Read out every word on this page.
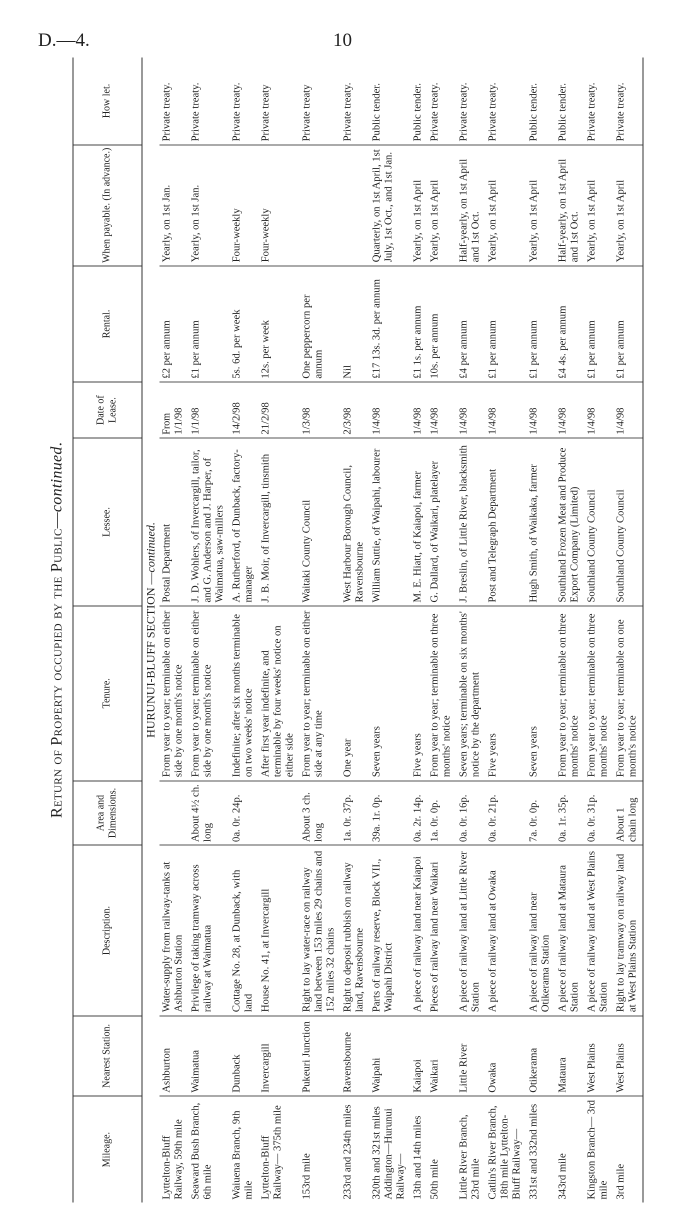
D.—4.	10
Return of Property occupied by the Public—continued.
Mileage.	Nearest Station.	Description.	Area and Dimensions.	Tenure.	Lessee.	Date of Lease.	Rental.	When payable. (In advance.)	How let.
HURUNUI-BLUFF SECTION —continued.									
Lyttelton-Bluff Railway, 59th mile	Ashburton	Water-supply from railway-tanks at Ashburton Station		From year to year; terminable on either side by one month's notice	Postal Department	From 1/1/98	£2 per annum	Yearly, on 1st Jan.	Private treaty.
Seaward Bush Branch, 6th mile	Waimatua	Privilege of taking tramway across railway at Waimatua	About 4½ ch. long	From year to year; terminable on either side by one month's notice	J. D. Wohlers, of Invercargill, tailor, and G. Anderson and J. Harper, of Waimatua, saw-millers	1/1/98	£1 per annum	Yearly, on 1st Jan.	Private treaty.
Waiuena Branch, 9th mile	Dunback	Cottage No. 28, at Dunback, with land	0a. 0r. 24p.	Indefinite; after six months terminable on two weeks' notice	A. Rutherford, of Dunback, factory-manager	14/2/98	5s. 6d. per week	Four-weekly	Private treaty.
Lyttelton-Bluff Railway— 375th mile	Invercargill	House No. 41, at Invercargill		After first year indefinite, and terminable by four weeks' notice on either side	J. B. Moir, of Invercargill, tinsmith	21/2/98	12s. per week	Four-weekly	Private treaty
153rd mile	Pukeuri Junction	Right to lay water-race on railway land between 153 miles 29 chains and 152 miles 32 chains	About 3 ch. long	From year to year; terminable on either side at any time	Waitaki County Council	1/3/98	One peppercorn per annum		Private treaty
233rd and 234th miles	Ravensbourne	Right to deposit rubbish on railway land, Ravensbourne	1a. 0r. 37p.	One year	West Harbour Borough Council, Ravensbourne	2/3/98	Nil		Private treaty.
320th and 321st miles Addington—Hurunui Railway—	Waipahi	Parts of railway reserve, Block VII., Waipahi District	39a. 1r. 0p.	Seven years	William Suttie, of Waipahi, labourer	1/4/98	£17 13s. 3d. per annum	Quarterly, on 1st April, 1st July, 1st Oct., and 1st Jan.	Public tender.
13th and 14th miles	Kaiapoi	A piece of railway land near Kaiapoi	0a. 2r. 14p.	Five years	M. E. Hiatt, of Kaiapoi, farmer	1/4/98	£1 1s. per annum	Yearly, on 1st April	Public tender.
50th mile	Waikari	Pieces of railway land near Waikari	1a. 0r. 0p.	From year to year; terminable on three months' notice	G. Dallard, of Waikari, platelayer	1/4/98	10s. per annum	Yearly, on 1st April	Private treaty.
Little River Branch, 23rd mile	Little River	A piece of railway land at Little River Station	0a. 0r. 16p.	Seven years; terminable on six months' notice by the department	J. Breslin, of Little River, blacksmith	1/4/98	£4 per annum	Half-yearly, on 1st April and 1st Oct.	Private treaty.
Catlin's River Branch, 18th mile Lyttelton-Bluff Railway—	Owaka	A piece of railway land at Owaka	0a. 0r. 21p.	Five years	Post and Telegraph Department	1/4/98	£1 per annum	Yearly, on 1st April	Private treaty.
331st and 332nd miles	Otikerama	A piece of railway land near Otikerama Station	7a. 0r. 0p.	Seven years	Hugh Smith, of Waikaka, farmer	1/4/98	£1 per annum	Yearly, on 1st April	Public tender.
343rd mile	Mataura	A piece of railway land at Mataura Station	0a. 1r. 35p.	From year to year; terminable on three months' notice	Southland Frozen Meat and Produce Export Company (Limited)	1/4/98	£4 4s. per annum	Half-yearly, on 1st April and 1st Oct.	Public tender.
Kingston Branch— 3rd mile	West Plains	A piece of railway land at West Plains Station	0a. 0r. 31p.	From year to year; terminable on three months' notice	Southland County Council	1/4/98	£1 per annum	Yearly, on 1st April	Private treaty.
3rd mile	West Plains	Right to lay tramway on railway land at West Plains Station	About 1 chain long	From year to year; terminable on one month's notice	Southland County Council	1/4/98	£1 per annum	Yearly, on 1st April	Private treaty.
